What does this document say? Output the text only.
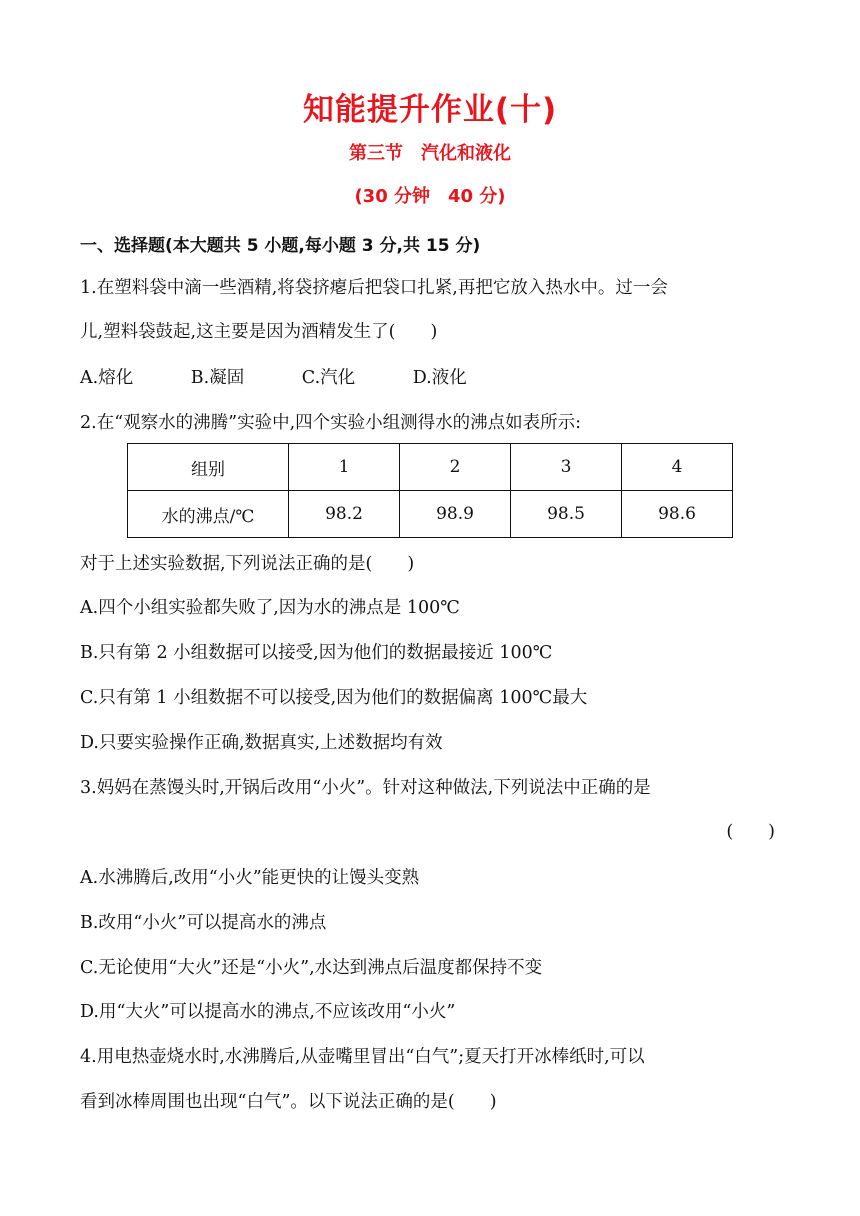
知能提升作业(十)
第三节　汽化和液化
(30 分钟　40 分)
一、选择题(本大题共 5 小题,每小题 3 分,共 15 分)
1.在塑料袋中滴一些酒精,将袋挤瘪后把袋口扎紧,再把它放入热水中。过一会
儿,塑料袋鼓起,这主要是因为酒精发生了(　　)
A.熔化	B.凝固	C.汽化	D.液化
2.在“观察水的沸腾”实验中,四个实验小组测得水的沸点如表所示:
组别	1	2	3	4
水的沸点/℃	98.2	98.9	98.5	98.6
对于上述实验数据,下列说法正确的是(　　)
A.四个小组实验都失败了,因为水的沸点是 100℃
B.只有第 2 小组数据可以接受,因为他们的数据最接近 100℃
C.只有第 1 小组数据不可以接受,因为他们的数据偏离 100℃最大
D.只要实验操作正确,数据真实,上述数据均有效
3.妈妈在蒸馒头时,开锅后改用“小火”。针对这种做法,下列说法中正确的是
(　　)
A.水沸腾后,改用“小火”能更快的让馒头变熟
B.改用“小火”可以提高水的沸点
C.无论使用“大火”还是“小火”,水达到沸点后温度都保持不变
D.用“大火”可以提高水的沸点,不应该改用“小火”
4.用电热壶烧水时,水沸腾后,从壶嘴里冒出“白气”;夏天打开冰棒纸时,可以
看到冰棒周围也出现“白气”。以下说法正确的是(　　)
